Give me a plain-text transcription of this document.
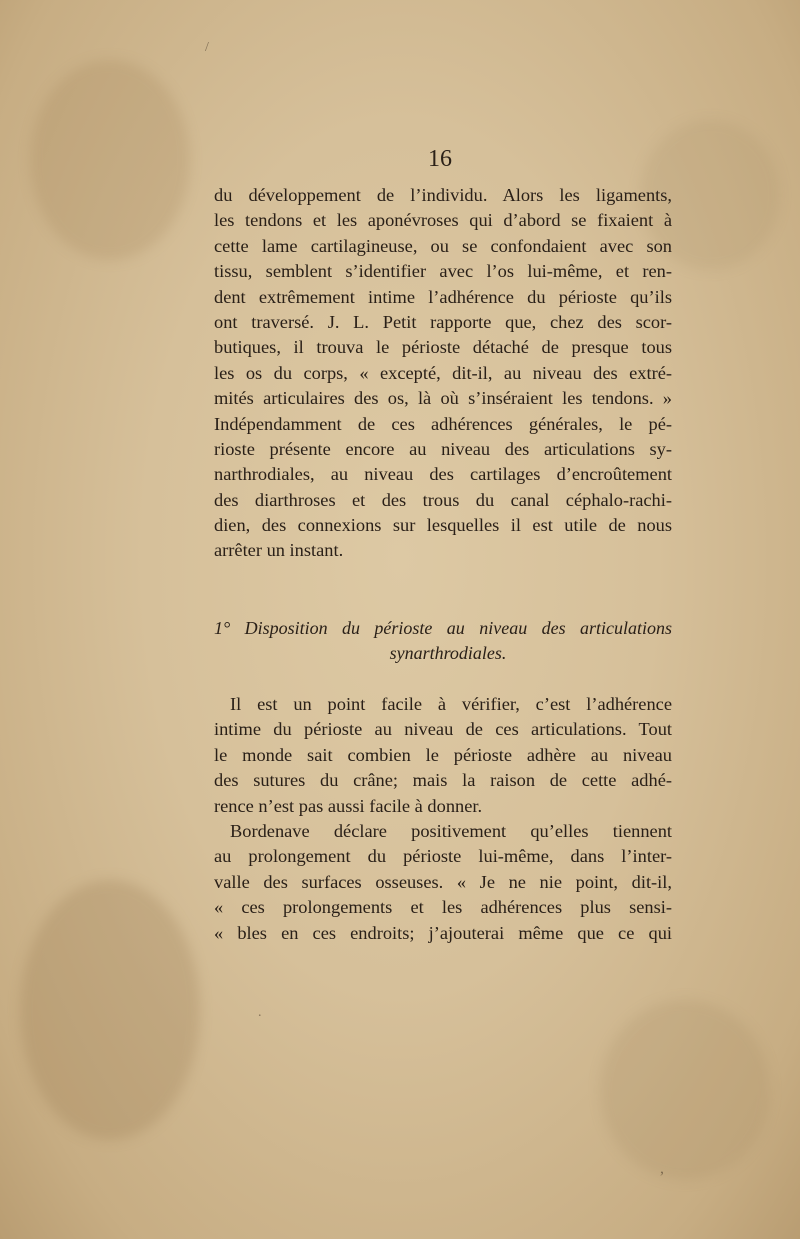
/
.
,
16
du développement de l’individu. Alors les ligaments,
les tendons et les aponévroses qui d’abord se fixaient à
cette lame cartilagineuse, ou se confondaient avec son
tissu, semblent s’identifier avec l’os lui-même, et ren-
dent extrêmement intime l’adhérence du périoste qu’ils
ont traversé. J. L. Petit rapporte que, chez des scor-
butiques, il trouva le périoste détaché de presque tous
les os du corps, « excepté, dit-il, au niveau des extré-
mités articulaires des os, là où s’inséraient les tendons. »
Indépendamment de ces adhérences générales, le pé-
rioste présente encore au niveau des articulations sy-
narthrodiales, au niveau des cartilages d’encroûtement
des diarthroses et des trous du canal céphalo-rachi-
dien, des connexions sur lesquelles il est utile de nous
arrêter un instant.
1° Disposition du périoste au niveau des articulations
synarthrodiales.
Il est un point facile à vérifier, c’est l’adhérence
intime du périoste au niveau de ces articulations. Tout
le monde sait combien le périoste adhère au niveau
des sutures du crâne; mais la raison de cette adhé-
rence n’est pas aussi facile à donner.
Bordenave déclare positivement qu’elles tiennent
au prolongement du périoste lui-même, dans l’inter-
valle des surfaces osseuses. « Je ne nie point, dit-il,
« ces prolongements et les adhérences plus sensi-
« bles en ces endroits; j’ajouterai même que ce qui
